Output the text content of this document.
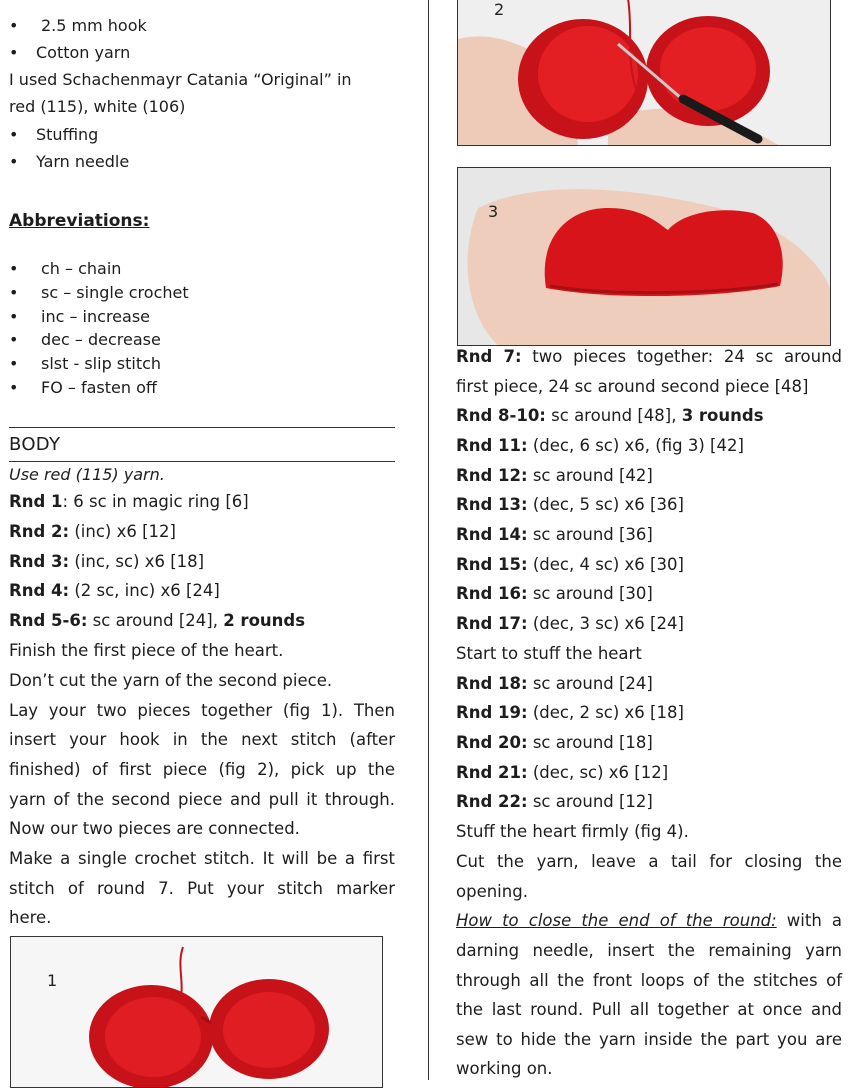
• 2.5 mm hook
• Cotton yarn
I used Schachenmayr Catania “Original” in
red (115), white (106)
• Stuffing
• Yarn needle
Abbreviations:
• ch – chain
• sc – single crochet
• inc – increase
• dec – decrease
• slst - slip stitch
• FO – fasten off
BODY
Use red (115) yarn.
Rnd 1: 6 sc in magic ring [6]
Rnd 2: (inc) x6 [12]
Rnd 3: (inc, sc) x6 [18]
Rnd 4: (2 sc, inc) x6 [24]
Rnd 5-6: sc around [24], 2 rounds
Finish the first piece of the heart.
Don’t cut the yarn of the second piece.
Lay your two pieces together (fig 1). Then
insert your hook in the next stitch (after
finished) of first piece (fig 2), pick up the
yarn of the second piece and pull it through.
Now our two pieces are connected.
Make a single crochet stitch. It will be a first
stitch of round 7. Put your stitch marker
here.
1
2
3
Rnd 7: two pieces together: 24 sc around
first piece, 24 sc around second piece [48]
Rnd 8-10: sc around [48], 3 rounds
Rnd 11: (dec, 6 sc) x6, (fig 3) [42]
Rnd 12: sc around [42]
Rnd 13: (dec, 5 sc) x6 [36]
Rnd 14: sc around [36]
Rnd 15: (dec, 4 sc) x6 [30]
Rnd 16: sc around [30]
Rnd 17: (dec, 3 sc) x6 [24]
Start to stuff the heart
Rnd 18: sc around [24]
Rnd 19: (dec, 2 sc) x6 [18]
Rnd 20: sc around [18]
Rnd 21: (dec, sc) x6 [12]
Rnd 22: sc around [12]
Stuff the heart firmly (fig 4).
Cut the yarn, leave a tail for closing the
opening.
How to close the end of the round: with a
darning needle, insert the remaining yarn
through all the front loops of the stitches of
the last round. Pull all together at once and
sew to hide the yarn inside the part you are
working on.
